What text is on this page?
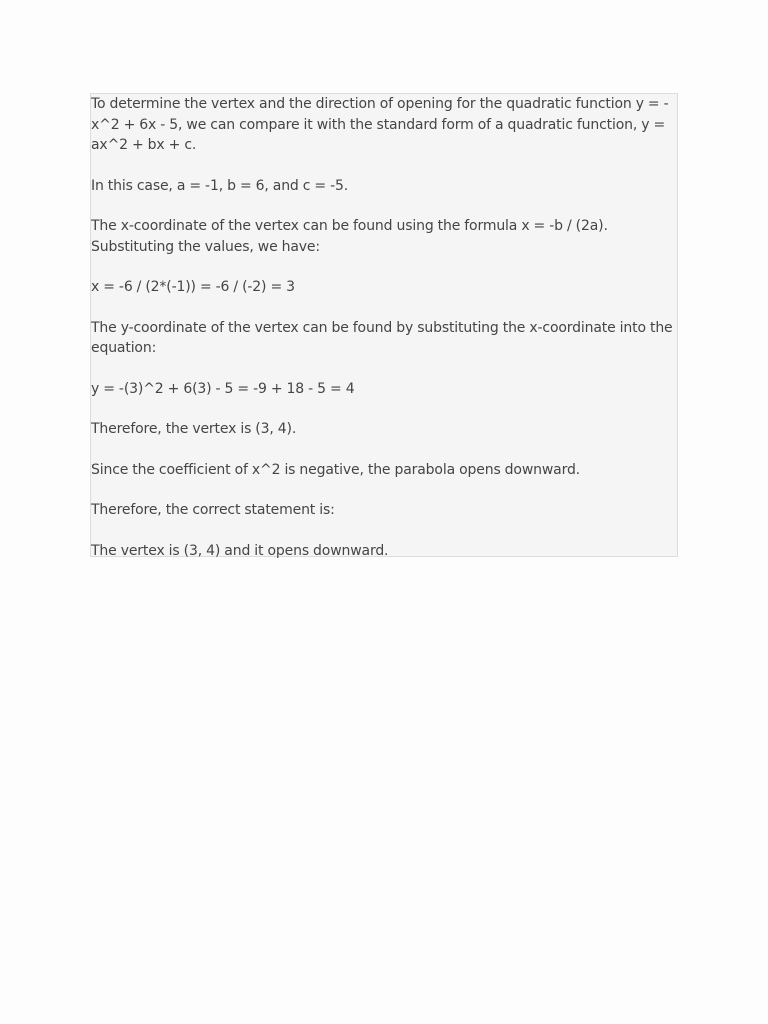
To determine the vertex and the direction of opening for the quadratic function y = -x^2 + 6x - 5, we can compare it with the standard form of a quadratic function, y = ax^2 + bx + c.

In this case, a = -1, b = 6, and c = -5.

The x-coordinate of the vertex can be found using the formula x = -b / (2a). Substituting the values, we have:

x = -6 / (2*(-1)) = -6 / (-2) = 3

The y-coordinate of the vertex can be found by substituting the x-coordinate into the equation:

y = -(3)^2 + 6(3) - 5 = -9 + 18 - 5 = 4

Therefore, the vertex is (3, 4).

Since the coefficient of x^2 is negative, the parabola opens downward.

Therefore, the correct statement is:

The vertex is (3, 4) and it opens downward.
